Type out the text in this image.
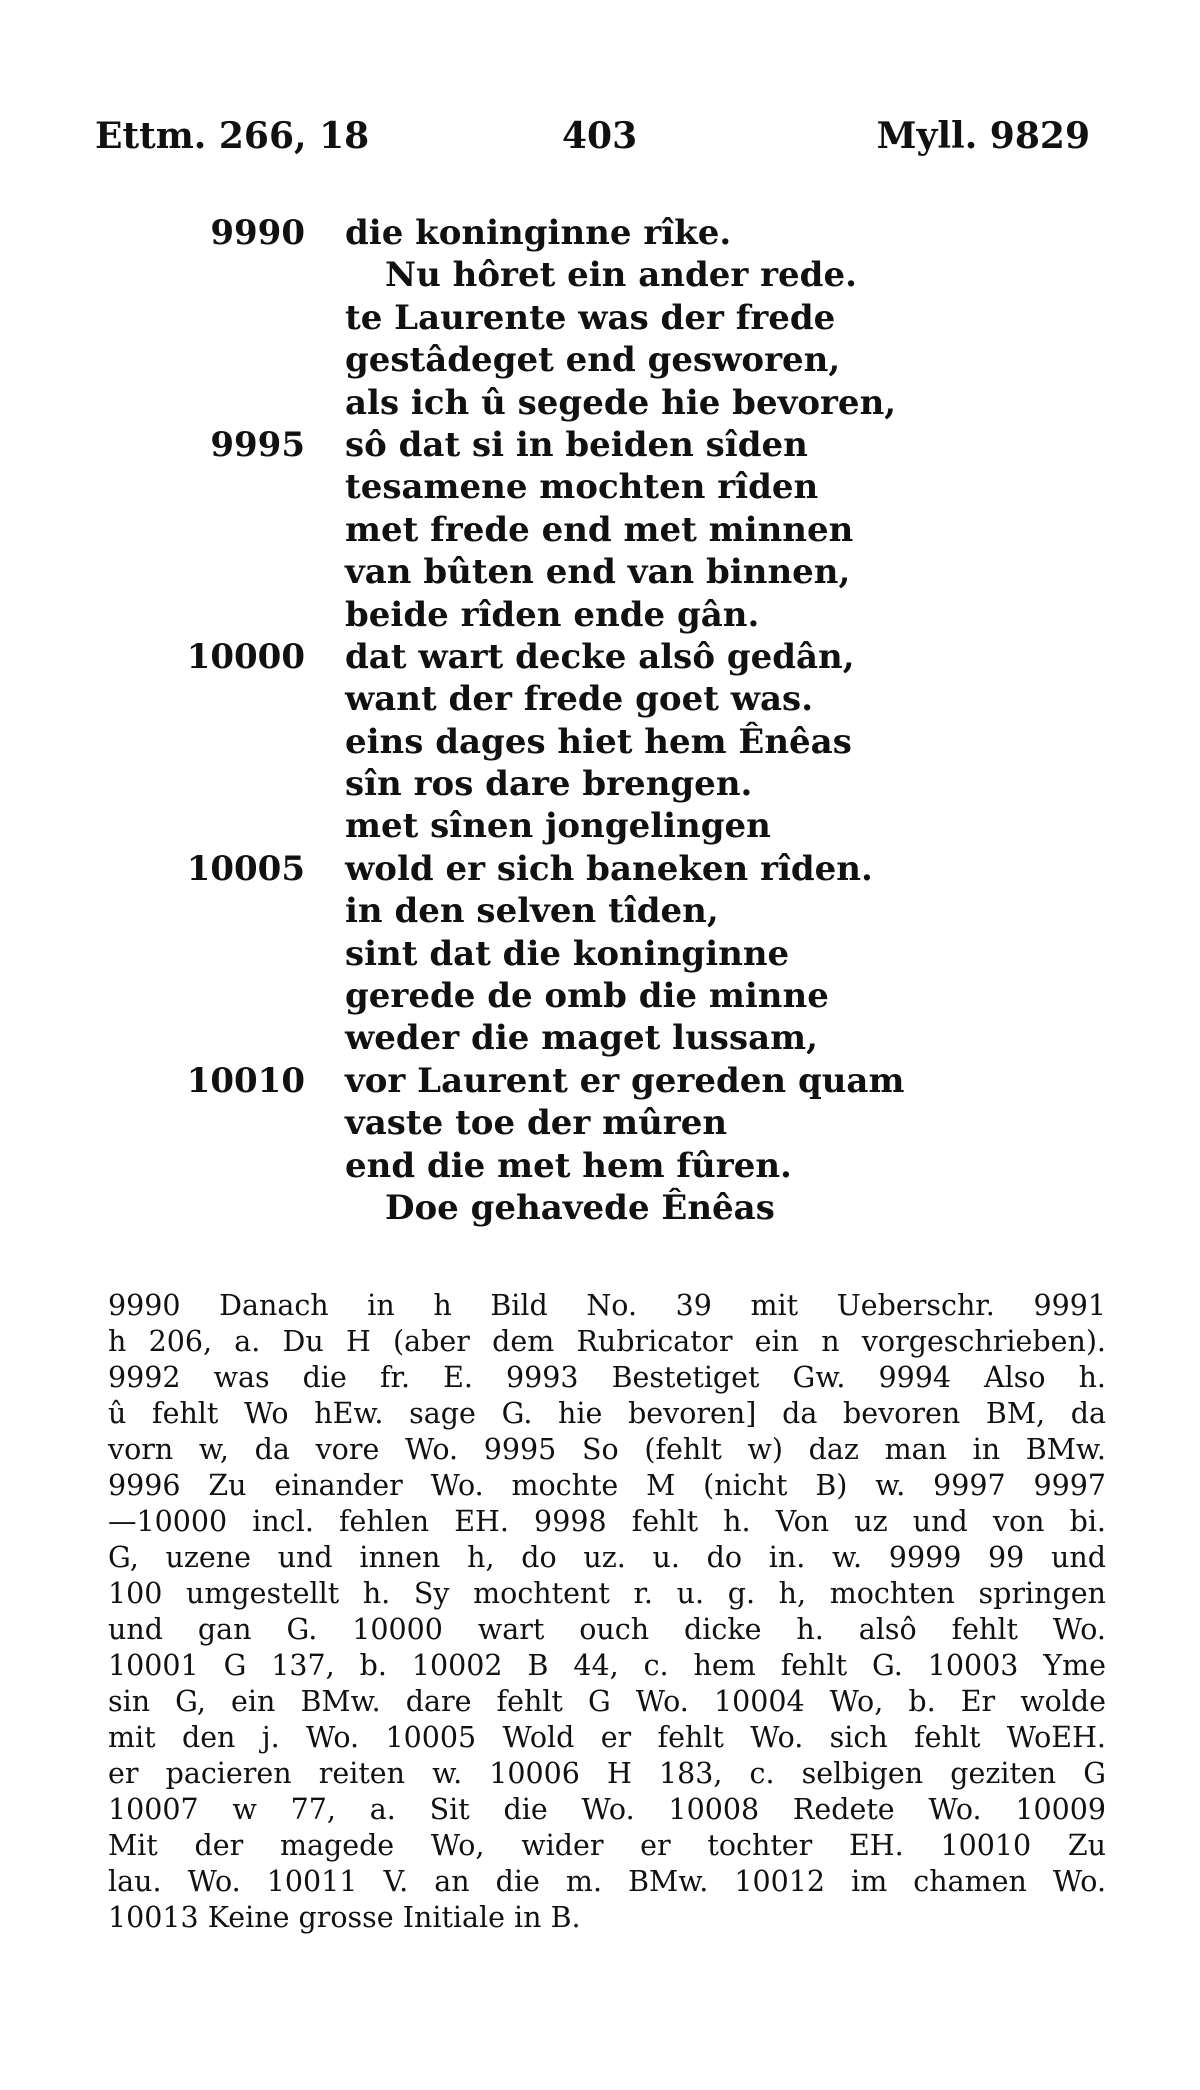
Ettm. 266, 18	403	Myll. 9829
9990 die koninginne rîke.
Nu hôret ein ander rede.
te Laurente was der frede
gestâdeget end gesworen,
als ich û segede hie bevoren,
9995 sô dat si in beiden sîden
tesamene mochten rîden
met frede end met minnen
van bûten end van binnen,
beide rîden ende gân.
10000 dat wart decke alsô gedân,
want der frede goet was.
eins dages hiet hem Ênêas
sîn ros dare brengen.
met sînen jongelingen
10005 wold er sich baneken rîden.
in den selven tîden,
sint dat die koninginne
gerede de omb die minne
weder die maget lussam,
10010 vor Laurent er gereden quam
vaste toe der mûren
end die met hem fûren.
Doe gehavede Ênêas
9990 Danach in h Bild No. 39 mit Ueberschr. 9991
h 206, a. Du H (aber dem Rubricator ein n vorgeschrieben).
9992 was die fr. E. 9993 Bestetiget Gw. 9994 Also h.
û fehlt Wo hEw. sage G. hie bevoren] da bevoren BM, da
vorn w, da vore Wo. 9995 So (fehlt w) daz man in BMw.
9996 Zu einander Wo. mochte M (nicht B) w. 9997 9997
—10000 incl. fehlen EH. 9998 fehlt h. Von uz und von bi.
G, uzene und innen h, do uz. u. do in. w. 9999 99 und
100 umgestellt h. Sy mochtent r. u. g. h, mochten springen
und gan G. 10000 wart ouch dicke h. alsô fehlt Wo.
10001 G 137, b. 10002 B 44, c. hem fehlt G. 10003 Yme
sin G, ein BMw. dare fehlt G Wo. 10004 Wo, b. Er wolde
mit den j. Wo. 10005 Wold er fehlt Wo. sich fehlt WoEH.
er pacieren reiten w. 10006 H 183, c. selbigen geziten G
10007 w 77, a. Sit die Wo. 10008 Redete Wo. 10009
Mit der magede Wo, wider er tochter EH. 10010 Zu
lau. Wo. 10011 V. an die m. BMw. 10012 im chamen Wo.
10013 Keine grosse Initiale in B.
